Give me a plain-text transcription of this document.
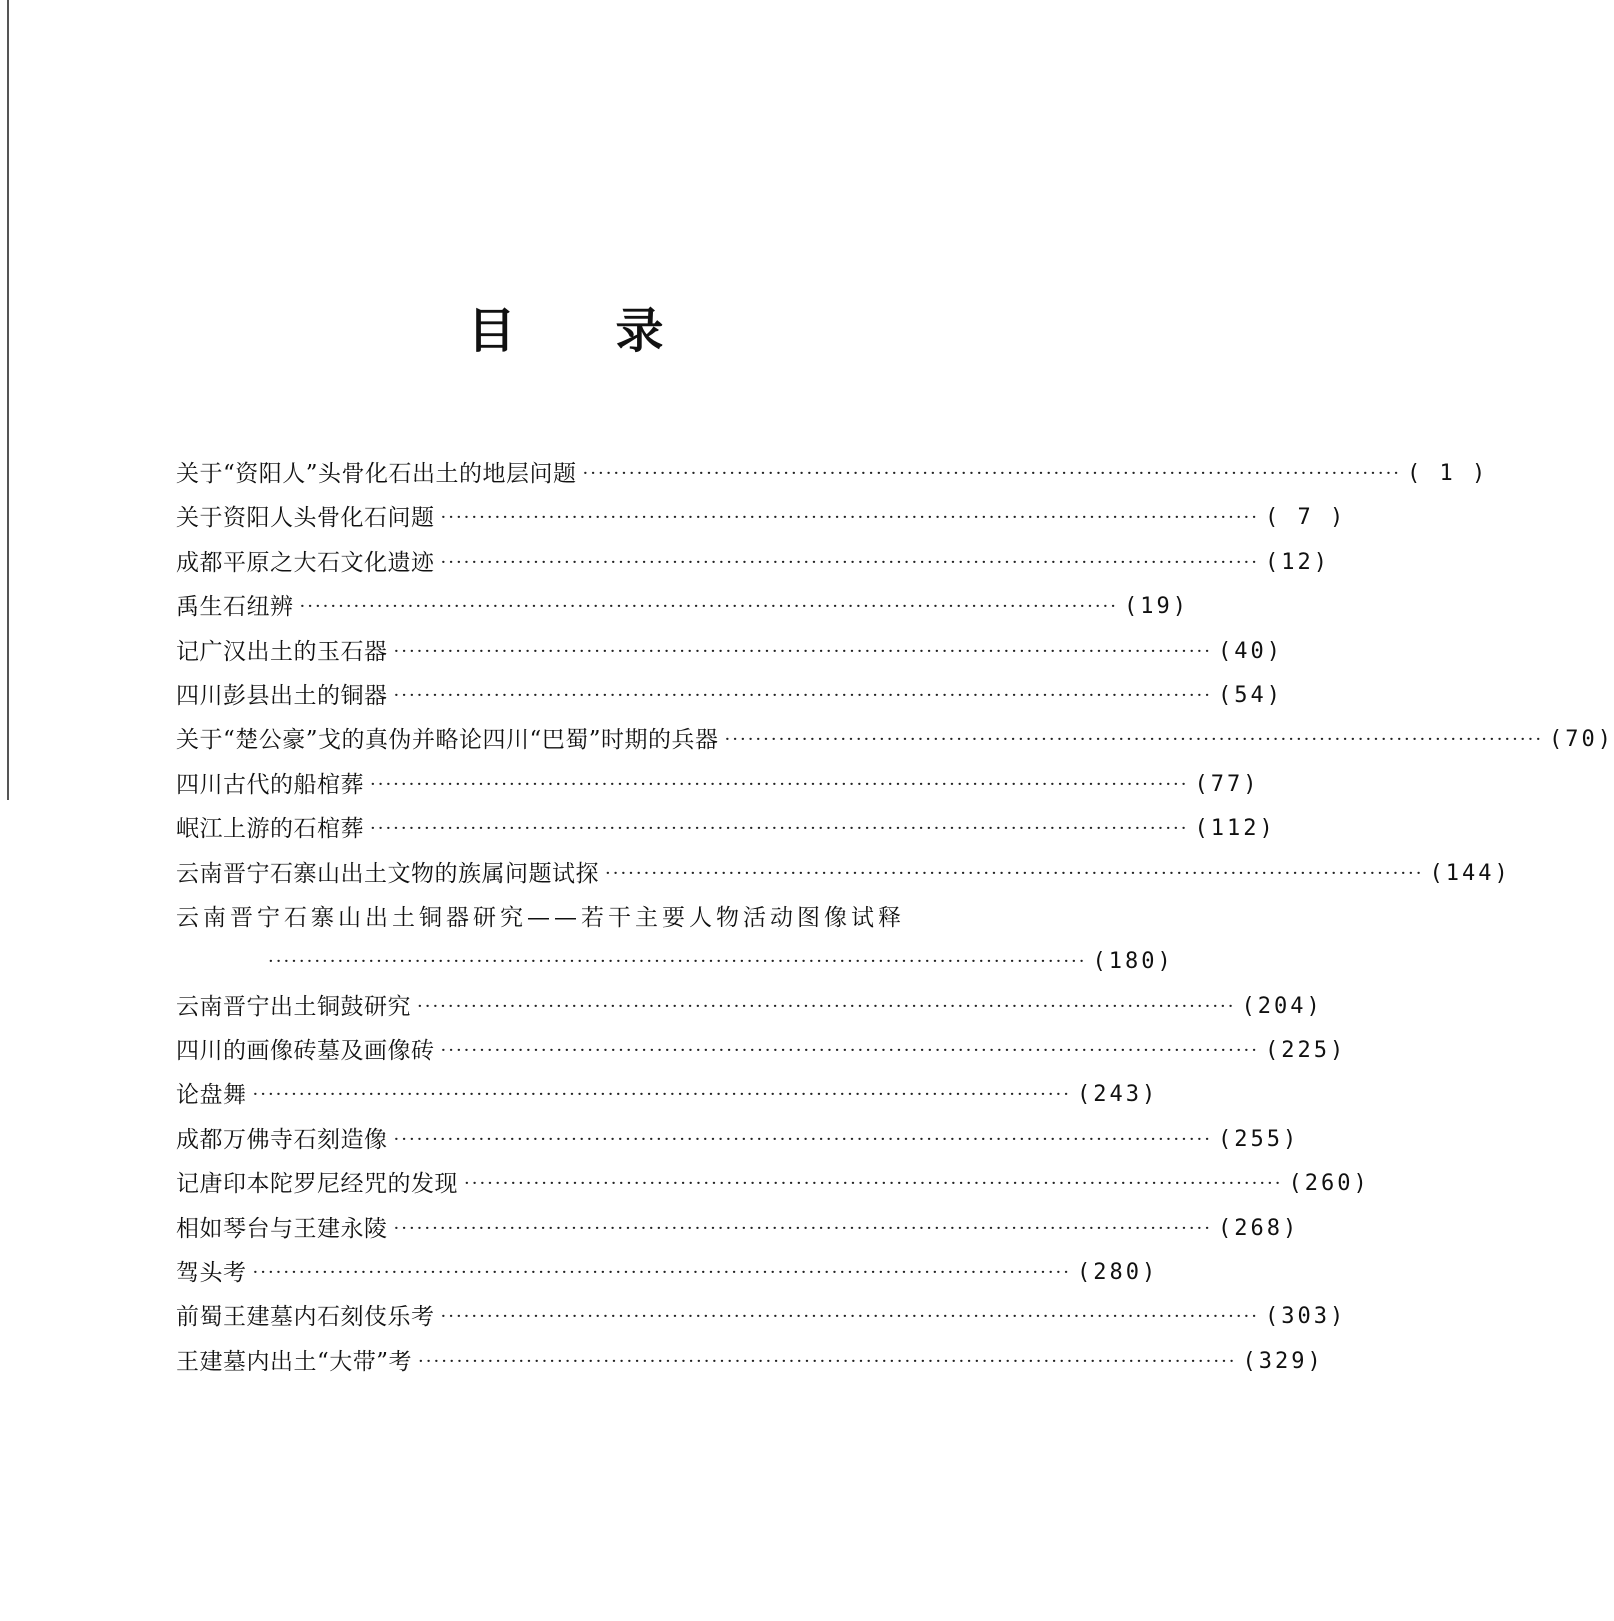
目 录
关于“资阳人”头骨化石出土的地层问题 ·········································································································· ( 1 )
关于资阳人头骨化石问题 ·········································································································· ( 7 )
成都平原之大石文化遗迹 ·········································································································· (12)
禹生石纽辨 ·········································································································· (19)
记广汉出土的玉石器 ·········································································································· (40)
四川彭县出土的铜器 ·········································································································· (54)
关于“楚公豪”戈的真伪并略论四川“巴蜀”时期的兵器 ·········································································································· (70)
四川古代的船棺葬 ·········································································································· (77)
岷江上游的石棺葬 ·········································································································· (112)
云南晋宁石寨山出土文物的族属问题试探 ·········································································································· (144)
云南晋宁石寨山出土铜器研究——若干主要人物活动图像试释
·········································································································· (180)
云南晋宁出土铜鼓研究 ·········································································································· (204)
四川的画像砖墓及画像砖 ·········································································································· (225)
论盘舞 ·········································································································· (243)
成都万佛寺石刻造像 ·········································································································· (255)
记唐印本陀罗尼经咒的发现 ·········································································································· (260)
相如琴台与王建永陵 ·········································································································· (268)
驾头考 ·········································································································· (280)
前蜀王建墓内石刻伎乐考 ·········································································································· (303)
王建墓内出土“大带”考 ·········································································································· (329)
